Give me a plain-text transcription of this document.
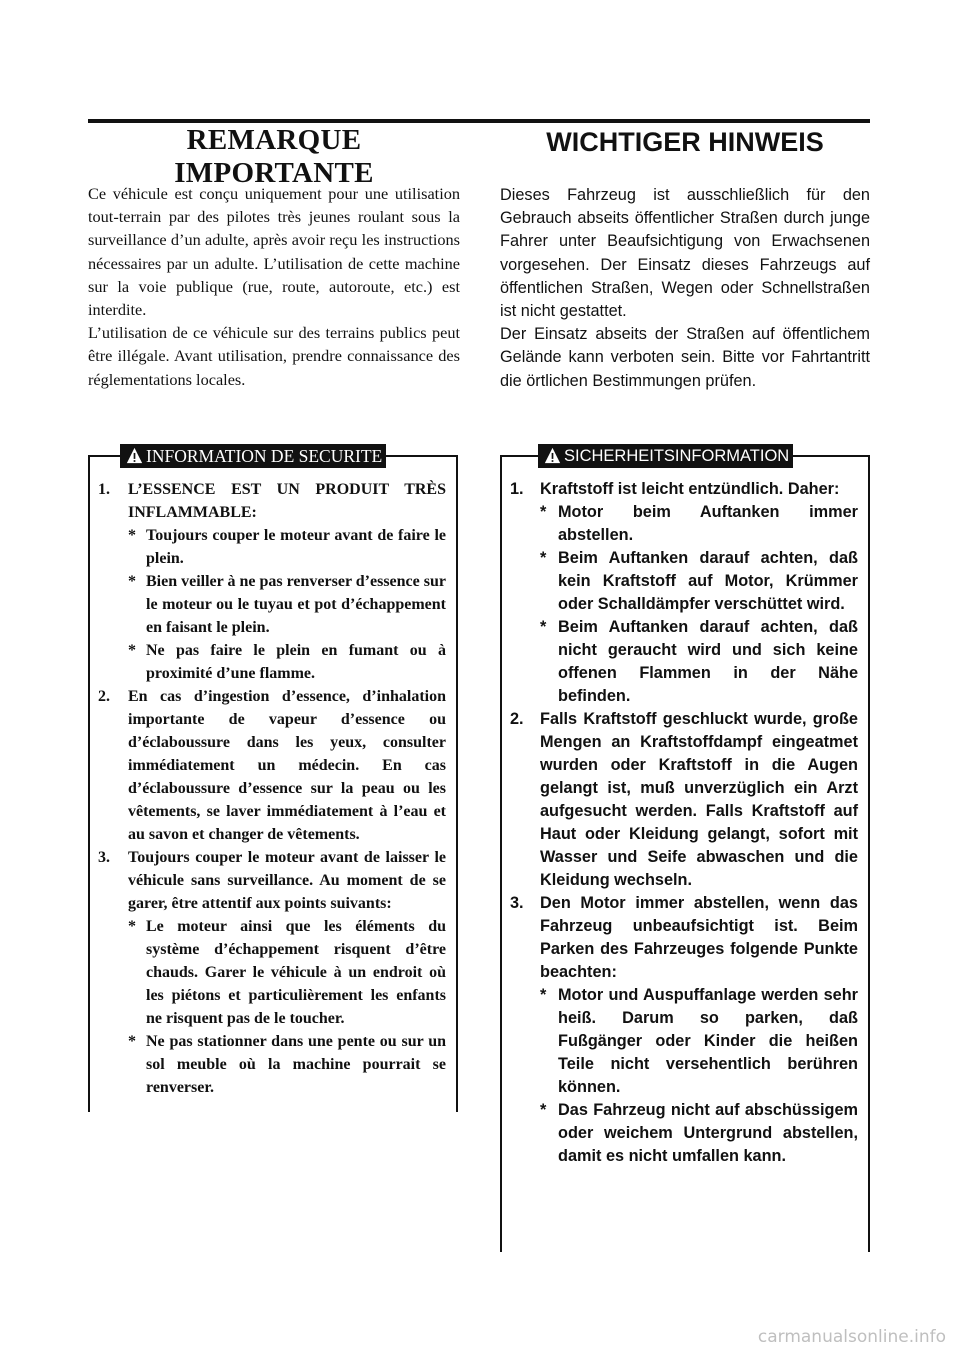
REMARQUE IMPORTANTE
WICHTIGER HINWEIS

Ce véhicule est conçu uniquement pour une utilisation tout-terrain par des pilotes très jeunes roulant sous la surveillance d’un adulte, après avoir reçu les instructions nécessaires par un adulte. L’utilisation de cette machine sur la voie publique (rue, route, autoroute, etc.) est interdite.

L’utilisation de ce véhicule sur des terrains publics peut être illégale. Avant utilisation, prendre connaissance des réglementations locales.

Dieses Fahrzeug ist ausschließlich für den Gebrauch abseits öffentlicher Straßen durch junge Fahrer unter Beaufsichtigung von Erwachsenen vorgesehen. Der Einsatz dieses Fahrzeugs auf öffentlichen Straßen, Wegen oder Schnellstraßen ist nicht gestattet.

Der Einsatz abseits der Straßen auf öffentlichem Gelände kann verboten sein. Bitte vor Fahrtantritt die örtlichen Bestimmungen prüfen.

INFORMATION DE SECURITE	SICHERHEITSINFORMATION
1. L’ESSENCE EST UN PRODUIT TRÈS INFLAMMABLE:
* Toujours couper le moteur avant de faire le plein.
* Bien veiller à ne pas renverser d’essence sur le moteur ou le tuyau et pot d’échappement en faisant le plein.
* Ne pas faire le plein en fumant ou à proximité d’une flamme.
2. En cas d’ingestion d’essence, d’inhalation importante de vapeur d’essence ou d’éclaboussure dans les yeux, consulter immédiatement un médecin. En cas d’éclaboussure d’essence sur la peau ou les vêtements, se laver immédiatement à l’eau et au savon et changer de vêtements.
3. Toujours couper le moteur avant de laisser le véhicule sans surveillance. Au moment de se garer, être attentif aux points suivants:
* Le moteur ainsi que les éléments du système d’échappement risquent d’être chauds. Garer le véhicule à un endroit où les piétons et particulièrement les enfants ne risquent pas de le toucher.
* Ne pas stationner dans une pente ou sur un sol meuble où la machine pourrait se renverser.
1. Kraftstoff ist leicht entzündlich. Daher:
* Motor beim Auftanken immer abstellen.
* Beim Auftanken darauf achten, daß kein Kraftstoff auf Motor, Krümmer oder Schalldämpfer verschüttet wird.
* Beim Auftanken darauf achten, daß nicht geraucht wird und sich keine offenen Flammen in der Nähe befinden.
2. Falls Kraftstoff geschluckt wurde, große Mengen an Kraftstoffdampf eingeatmet wurden oder Kraftstoff in die Augen gelangt ist, muß unverzüglich ein Arzt aufgesucht werden. Falls Kraftstoff auf Haut oder Kleidung gelangt, sofort mit Wasser und Seife abwaschen und die Kleidung wechseln.
3. Den Motor immer abstellen, wenn das Fahrzeug unbeaufsichtigt ist. Beim Parken des Fahrzeuges folgende Punkte beachten:
* Motor und Auspuffanlage werden sehr heiß. Darum so parken, daß Fußgänger oder Kinder die heißen Teile nicht versehentlich berühren können.
* Das Fahrzeug nicht auf abschüssigem oder weichem Untergrund abstellen, damit es nicht umfallen kann.
carmanualsonline.info
